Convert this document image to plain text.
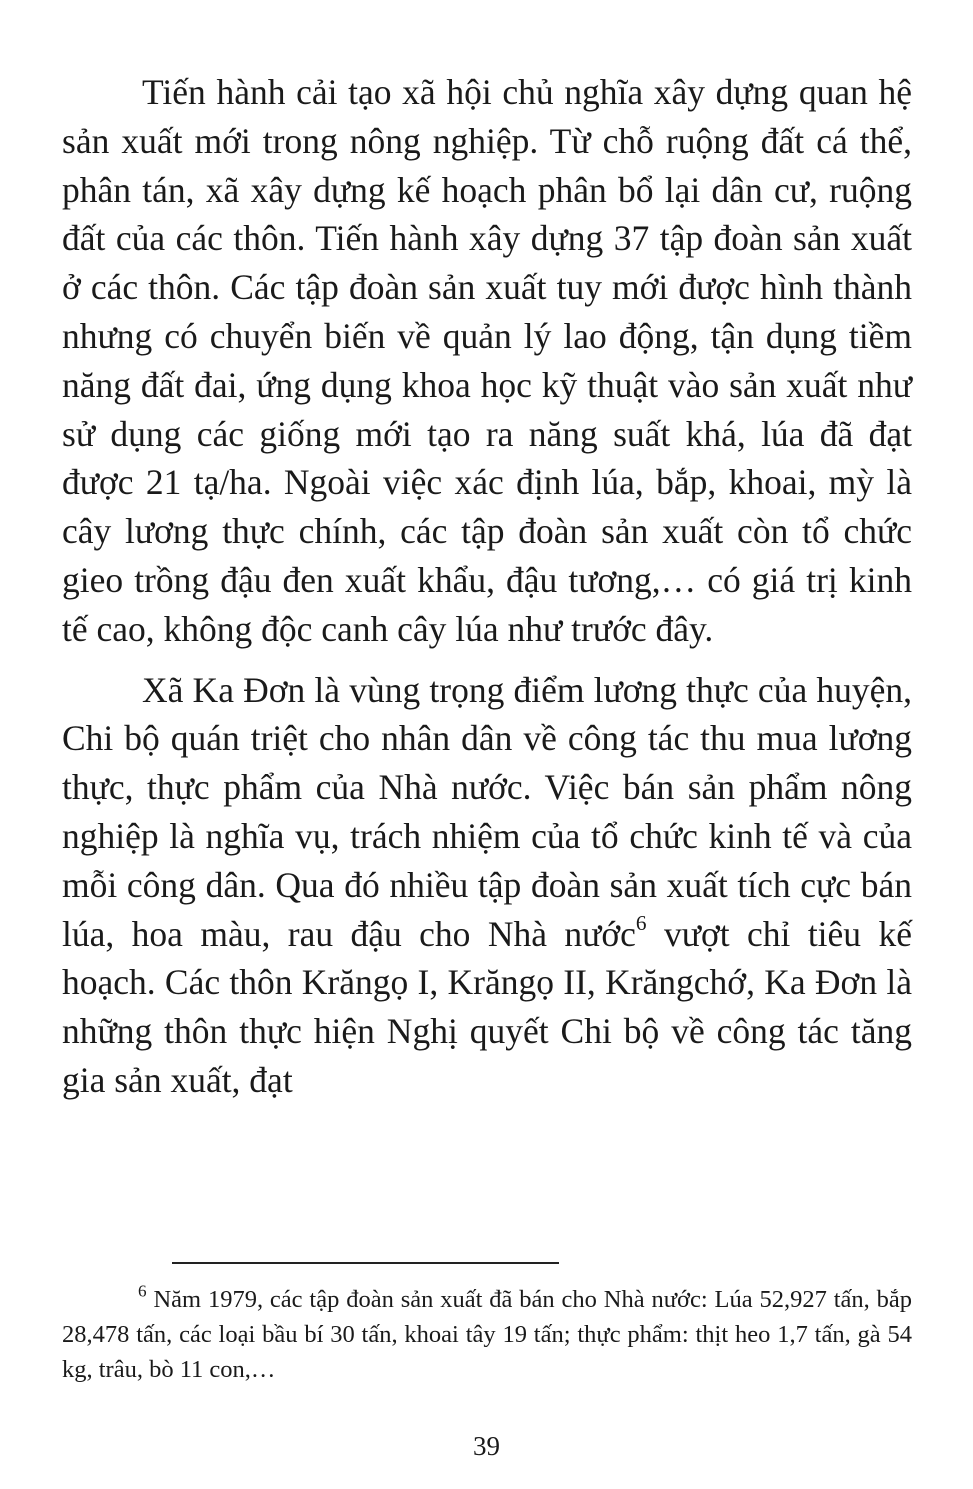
Tiến hành cải tạo xã hội chủ nghĩa xây dựng quan hệ sản xuất mới trong nông nghiệp. Từ chỗ ruộng đất cá thể, phân tán, xã xây dựng kế hoạch phân bổ lại dân cư, ruộng đất của các thôn. Tiến hành xây dựng 37 tập đoàn sản xuất ở các thôn. Các tập đoàn sản xuất tuy mới được hình thành nhưng có chuyển biến về quản lý lao động, tận dụng tiềm năng đất đai, ứng dụng khoa học kỹ thuật vào sản xuất như sử dụng các giống mới tạo ra năng suất khá, lúa đã đạt được 21 tạ/ha. Ngoài việc xác định lúa, bắp, khoai, mỳ là cây lương thực chính, các tập đoàn sản xuất còn tổ chức gieo trồng đậu đen xuất khẩu, đậu tương,… có giá trị kinh tế cao, không độc canh cây lúa như trước đây.

Xã Ka Đơn là vùng trọng điểm lương thực của huyện, Chi bộ quán triệt cho nhân dân về công tác thu mua lương thực, thực phẩm của Nhà nước. Việc bán sản phẩm nông nghiệp là nghĩa vụ, trách nhiệm của tổ chức kinh tế và của mỗi công dân. Qua đó nhiều tập đoàn sản xuất tích cực bán lúa, hoa màu, rau đậu cho Nhà nước$^6$ vượt chỉ tiêu kế hoạch. Các thôn Krăngọ I, Krăngọ II, Krăngchớ, Ka Đơn là những thôn thực hiện Nghị quyết Chi bộ về công tác tăng gia sản xuất, đạt

$^6$ Năm 1979, các tập đoàn sản xuất đã bán cho Nhà nước: Lúa 52,927 tấn, bắp 28,478 tấn, các loại bầu bí 30 tấn, khoai tây 19 tấn; thực phẩm: thịt heo 1,7 tấn, gà 54 kg, trâu, bò 11 con,…

39
